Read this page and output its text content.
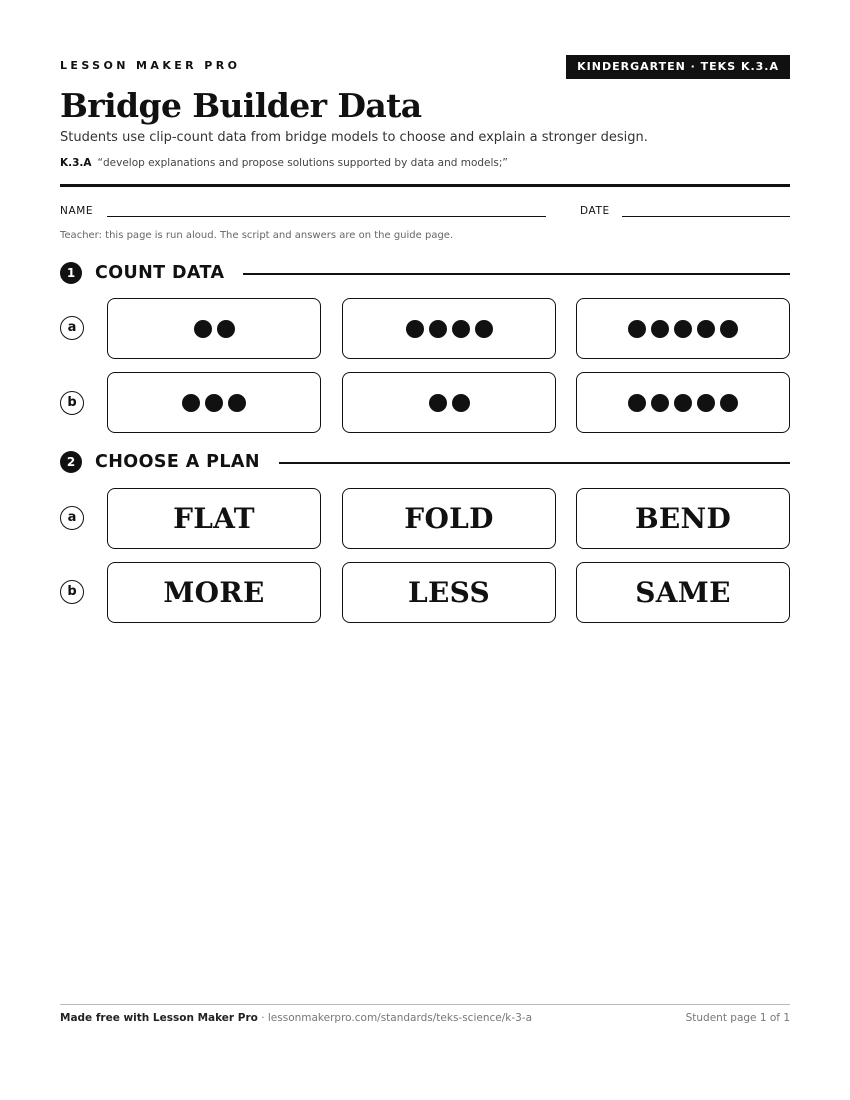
LESSON MAKER PRO	KINDERGARTEN · TEKS K.3.A
Bridge Builder Data

Students use clip-count data from bridge models to choose and explain a stronger design.

K.3.A “develop explanations and propose solutions supported by data and models;”

NAME	DATE

Teacher: this page is run aloud. The script and answers are on the guide page.

1	COUNT DATA
a
b
2	CHOOSE A PLAN
a	FLAT	FOLD	BEND
b	MORE	LESS	SAME

Made free with Lesson Maker Pro · lessonmakerpro.com/standards/teks-science/k-3-a	Student page 1 of 1
